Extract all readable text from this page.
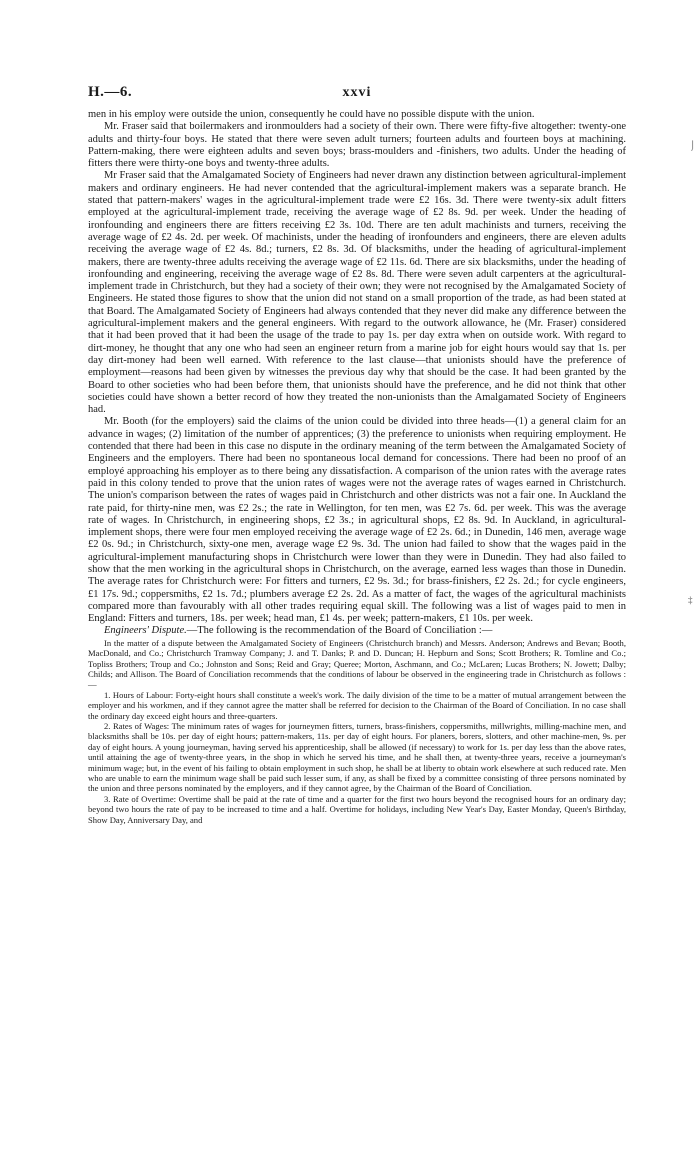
H.—6.	xxvi

men in his employ were outside the union, consequently he could have no possible dispute with the union.

Mr. Fraser said that boilermakers and ironmoulders had a society of their own. There were fifty-five altogether: twenty-one adults and thirty-four boys. He stated that there were seven adult turners; fourteen adults and fourteen boys at machining. Pattern-making, there were eighteen adults and seven boys; brass-moulders and -finishers, two adults. Under the heading of fitters there were thirty-one boys and twenty-three adults.

Mr Fraser said that the Amalgamated Society of Engineers had never drawn any distinction between agricultural-implement makers and ordinary engineers. He had never contended that the agricultural-implement makers was a separate branch. He stated that pattern-makers' wages in the agricultural-implement trade were £2 16s. 3d. There were twenty-six adult fitters employed at the agricultural-implement trade, receiving the average wage of £2 8s. 9d. per week. Under the heading of ironfounding and engineers there are fitters receiving £2 3s. 10d. There are ten adult machinists and turners, receiving the average wage of £2 4s. 2d. per week. Of machinists, under the heading of ironfounders and engineers, there are eleven adults receiving the average wage of £2 4s. 8d.; turners, £2 8s. 3d. Of blacksmiths, under the heading of agricultural-implement makers, there are twenty-three adults receiving the average wage of £2 11s. 6d. There are six blacksmiths, under the heading of ironfounding and engineering, receiving the average wage of £2 8s. 8d. There were seven adult carpenters at the agricultural-implement trade in Christchurch, but they had a society of their own; they were not recognised by the Amalgamated Society of Engineers. He stated those figures to show that the union did not stand on a small proportion of the trade, as had been stated at that Board. The Amalgamated Society of Engineers had always contended that they never did make any difference between the agricultural-implement makers and the general engineers. With regard to the outwork allowance, he (Mr. Fraser) considered that it had been proved that it had been the usage of the trade to pay 1s. per day extra when on outside work. With regard to dirt-money, he thought that any one who had seen an engineer return from a marine job for eight hours would say that 1s. per day dirt-money had been well earned. With reference to the last clause—that unionists should have the preference of employment—reasons had been given by witnesses the previous day why that should be the case. It had been granted by the Board to other societies who had been before them, that unionists should have the preference, and he did not think that other societies could have shown a better record of how they treated the non-unionists than the Amalgamated Society of Engineers had.

Mr. Booth (for the employers) said the claims of the union could be divided into three heads—(1) a general claim for an advance in wages; (2) limitation of the number of apprentices; (3) the preference to unionists when requiring employment. He contended that there had been in this case no dispute in the ordinary meaning of the term between the Amalgamated Society of Engineers and the employers. There had been no spontaneous local demand for concessions. There had been no proof of an employé approaching his employer as to there being any dissatisfaction. A comparison of the union rates with the average rates paid in this colony tended to prove that the union rates of wages were not the average rates of wages earned in Christchurch. The union's comparison between the rates of wages paid in Christchurch and other districts was not a fair one. In Auckland the rate paid, for thirty-nine men, was £2 2s.; the rate in Wellington, for ten men, was £2 7s. 6d. per week. This was the average rate of wages. In Christchurch, in engineering shops, £2 3s.; in agricultural shops, £2 8s. 9d. In Auckland, in agricultural-implement shops, there were four men employed receiving the average wage of £2 2s. 6d.; in Dunedin, 146 men, average wage £2 0s. 9d.; in Christchurch, sixty-one men, average wage £2 9s. 3d. The union had failed to show that the wages paid in the agricultural-implement manufacturing shops in Christchurch were lower than they were in Dunedin. They had also failed to show that the men working in the agricultural shops in Christchurch, on the average, earned less wages than those in Dunedin. The average rates for Christchurch were: For fitters and turners, £2 9s. 3d.; for brass-finishers, £2 2s. 2d.; for cycle engineers, £1 17s. 9d.; coppersmiths, £2 1s. 7d.; plumbers average £2 2s. 2d. As a matter of fact, the wages of the agricultural machinists compared more than favourably with all other trades requiring equal skill. The following was a list of wages paid to men in England: Fitters and turners, 18s. per week; head man, £1 4s. per week; pattern-makers, £1 10s. per week.

Engineers' Dispute.—The following is the recommendation of the Board of Conciliation :—

In the matter of a dispute between the Amalgamated Society of Engineers (Christchurch branch) and Messrs. Anderson; Andrews and Bevan; Booth, MacDonald, and Co.; Christchurch Tramway Company; J. and T. Danks; P. and D. Duncan; H. Hepburn and Sons; Scott Brothers; R. Tomline and Co.; Topliss Brothers; Troup and Co.; Johnston and Sons; Reid and Gray; Queree; Morton, Aschmann, and Co.; McLaren; Lucas Brothers; N. Jowett; Dalby; Childs; and Allison. The Board of Conciliation recommends that the conditions of labour be observed in the engineering trade in Christchurch as follows :—

1. Hours of Labour: Forty-eight hours shall constitute a week's work. The daily division of the time to be a matter of mutual arrangement between the employer and his workmen, and if they cannot agree the matter shall be referred for decision to the Chairman of the Board of Conciliation. In no case shall the ordinary day exceed eight hours and three-quarters.

2. Rates of Wages: The minimum rates of wages for journeymen fitters, turners, brass-finishers, coppersmiths, millwrights, milling-machine men, and blacksmiths shall be 10s. per day of eight hours; pattern-makers, 11s. per day of eight hours. For planers, borers, slotters, and other machine-men, 9s. per day of eight hours. A young journeyman, having served his apprenticeship, shall be allowed (if necessary) to work for 1s. per day less than the above rates, until attaining the age of twenty-three years, in the shop in which he served his time, and he shall then, at twenty-three years, receive a journeyman's minimum wage; but, in the event of his failing to obtain employment in such shop, he shall be at liberty to obtain work elsewhere at such reduced rate. Men who are unable to earn the minimum wage shall be paid such lesser sum, if any, as shall be fixed by a committee consisting of three persons nominated by the union and three persons nominated by the employers, and if they cannot agree, by the Chairman of the Board of Conciliation.

3. Rate of Overtime: Overtime shall be paid at the rate of time and a quarter for the first two hours beyond the recognised hours for an ordinary day; beyond two hours the rate of pay to be increased to time and a half. Overtime for holidays, including New Year's Day, Easter Monday, Queen's Birthday, Show Day, Anniversary Day, and

⌡
‡
